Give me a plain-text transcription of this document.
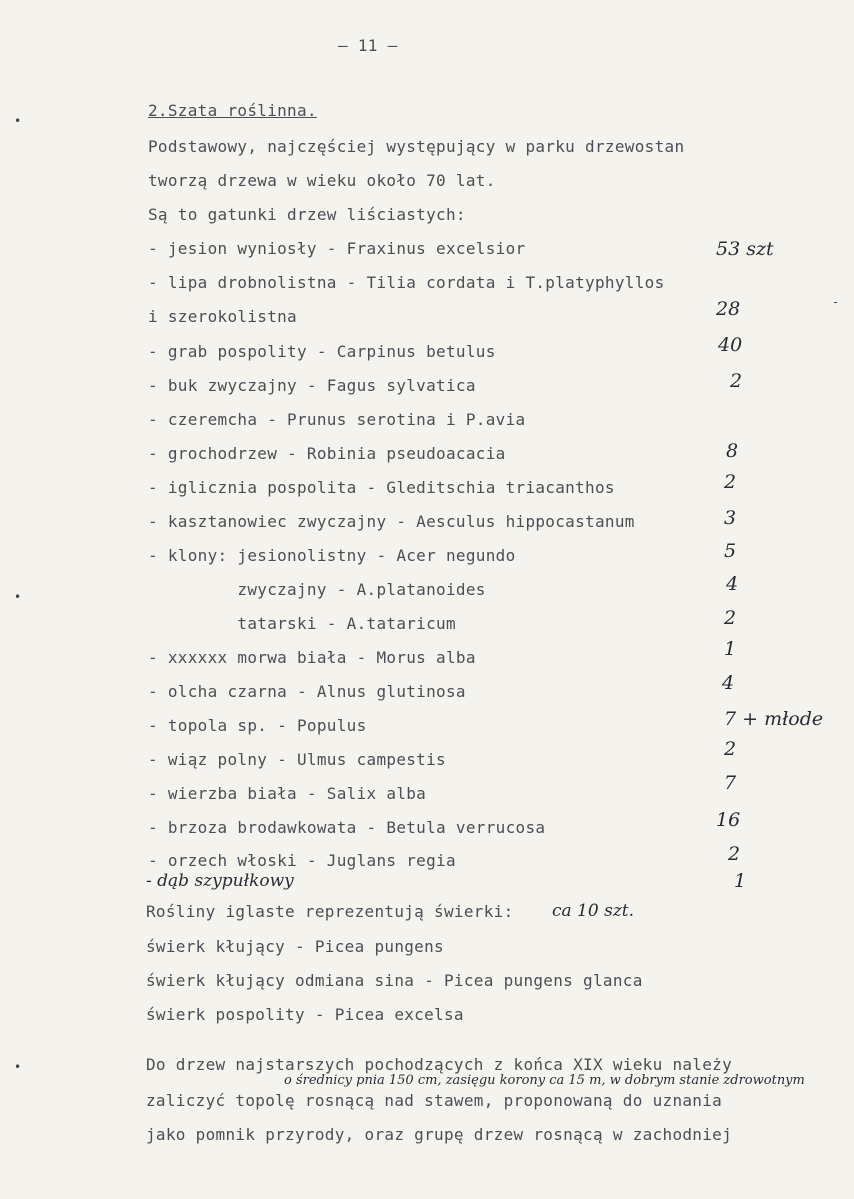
– 11 –
2.Szata roślinna.
Podstawowy, najczęściej występujący w parku drzewostan
tworzą drzewa w wieku około 70 lat.
Są to gatunki drzew liściastych:
- jesion wyniosły - Fraxinus excelsior	53 szt
- lipa drobnolistna - Tilia cordata i T.platyphyllos
i szerokolistna	28
- grab pospolity - Carpinus betulus	40
- buk zwyczajny - Fagus sylvatica	2
- czeremcha - Prunus serotina i P.avia
- grochodrzew - Robinia pseudoacacia	8
- iglicznia pospolita - Gleditschia triacanthos	2
- kasztanowiec zwyczajny - Aesculus hippocastanum	3
- klony: jesionolistny - Acer negundo	5
zwyczajny - A.platanoides	4
tatarski - A.tataricum	2
- xxxxxx morwa biała - Morus alba	1
- olcha czarna - Alnus glutinosa	4
- topola sp. - Populus	7 + młode
- wiąz polny - Ulmus campestis	2
- wierzba biała - Salix alba	7
- brzoza brodawkowata - Betula verrucosa	16
- orzech włoski - Juglans regia	2
- dąb szypułkowy	1
Rośliny iglaste reprezentują świerki: ca 10 szt.
świerk kłujący - Picea pungens
świerk kłujący odmiana sina - Picea pungens glanca
świerk pospolity - Picea excelsa
Do drzew najstarszych pochodzących z końca XIX wieku należy
o średnicy pnia 150 cm, zasięgu korony ca 15 m, w dobrym stanie zdrowotnym
zaliczyć topolę rosnącą nad stawem, proponowaną do uznania
jako pomnik przyrody, oraz grupę drzew rosnącą w zachodniej
•
•
•
-
